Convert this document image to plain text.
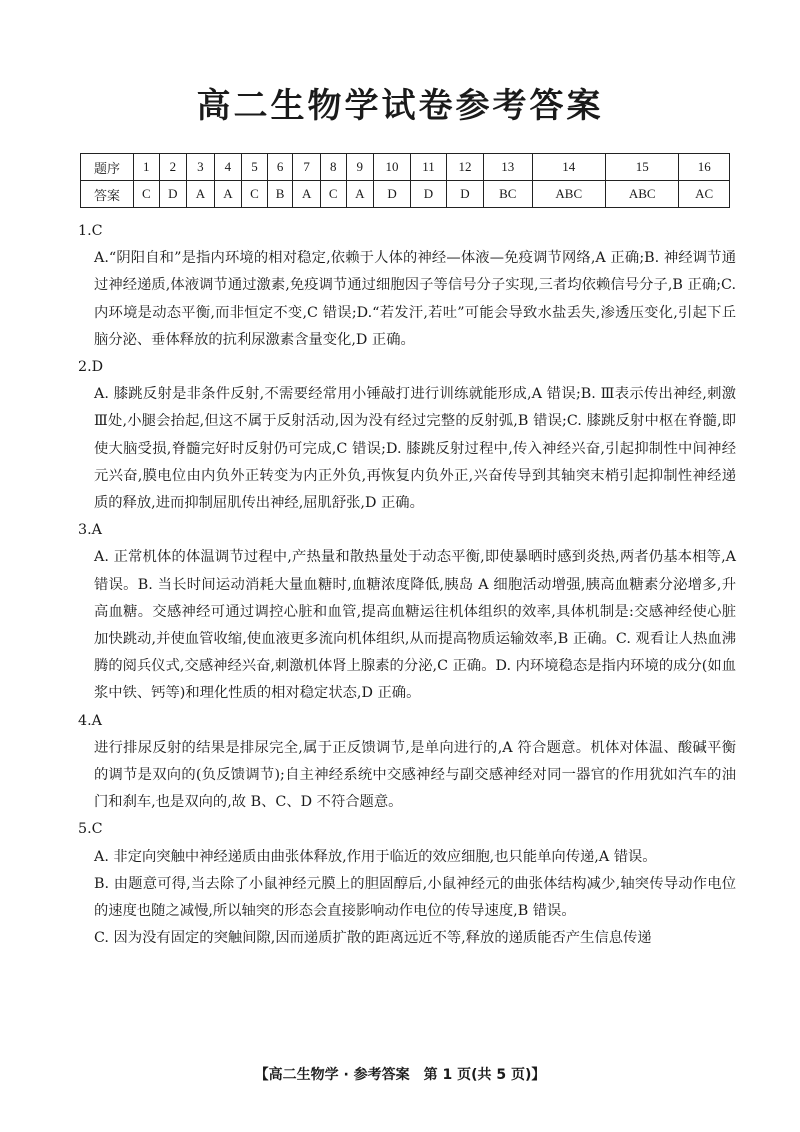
高二生物学试卷参考答案
题序	1	2	3	4	5	6	7	8	9	10	11	12	13	14	15	16
答案	C	D	A	A	C	B	A	C	A	D	D	D	BC	ABC	ABC	AC
1.C
A.“阴阳自和”是指内环境的相对稳定,依赖于人体的神经—体液—免疫调节网络,A 正确;B. 神经调节通过神经递质,体液调节通过激素,免疫调节通过细胞因子等信号分子实现,三者均依赖信号分子,B 正确;C. 内环境是动态平衡,而非恒定不变,C 错误;D.“若发汗,若吐”可能会导致水盐丢失,渗透压变化,引起下丘脑分泌、垂体释放的抗利尿激素含量变化,D 正确。
2.D
A. 膝跳反射是非条件反射,不需要经常用小锤敲打进行训练就能形成,A 错误;B. Ⅲ表示传出神经,刺激Ⅲ处,小腿会抬起,但这不属于反射活动,因为没有经过完整的反射弧,B 错误;C. 膝跳反射中枢在脊髓,即使大脑受损,脊髓完好时反射仍可完成,C 错误;D. 膝跳反射过程中,传入神经兴奋,引起抑制性中间神经元兴奋,膜电位由内负外正转变为内正外负,再恢复内负外正,兴奋传导到其轴突末梢引起抑制性神经递质的释放,进而抑制屈肌传出神经,屈肌舒张,D 正确。
3.A
A. 正常机体的体温调节过程中,产热量和散热量处于动态平衡,即使暴晒时感到炎热,两者仍基本相等,A 错误。B. 当长时间运动消耗大量血糖时,血糖浓度降低,胰岛 A 细胞活动增强,胰高血糖素分泌增多,升高血糖。交感神经可通过调控心脏和血管,提高血糖运往机体组织的效率,具体机制是:交感神经使心脏加快跳动,并使血管收缩,使血液更多流向机体组织,从而提高物质运输效率,B 正确。C. 观看让人热血沸腾的阅兵仪式,交感神经兴奋,刺激机体肾上腺素的分泌,C 正确。D. 内环境稳态是指内环境的成分(如血浆中铁、钙等)和理化性质的相对稳定状态,D 正确。
4.A
进行排尿反射的结果是排尿完全,属于正反馈调节,是单向进行的,A 符合题意。机体对体温、酸碱平衡的调节是双向的(负反馈调节);自主神经系统中交感神经与副交感神经对同一器官的作用犹如汽车的油门和刹车,也是双向的,故 B、C、D 不符合题意。
5.C

A. 非定向突触中神经递质由曲张体释放,作用于临近的效应细胞,也只能单向传递,A 错误。

B. 由题意可得,当去除了小鼠神经元膜上的胆固醇后,小鼠神经元的曲张体结构减少,轴突传导动作电位的速度也随之减慢,所以轴突的形态会直接影响动作电位的传导速度,B 错误。

C. 因为没有固定的突触间隙,因而递质扩散的距离远近不等,释放的递质能否产生信息传递

【高二生物学 · 参考答案　第 1 页(共 5 页)】
